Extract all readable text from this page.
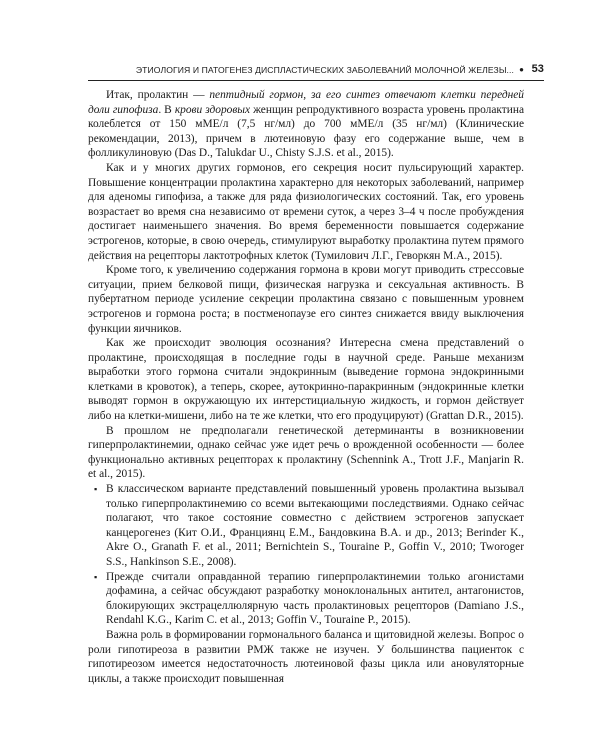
ЭТИОЛОГИЯ И ПАТОГЕНЕЗ ДИСПЛАСТИЧЕСКИХ ЗАБОЛЕВАНИЙ МОЛОЧНОЙ ЖЕЛЕЗЫ... ● 53

Итак, пролактин — пептидный гормон, за его синтез отвечают клетки передней доли гипофиза. В крови здоровых женщин репродуктивного возраста уровень пролактина колеблется от 150 мМЕ/л (7,5 нг/мл) до 700 мМЕ/л (35 нг/мл) (Клинические рекомендации, 2013), причем в лютеиновую фазу его содержание выше, чем в фолликулиновую (Das D., Talukdar U., Chisty S.J.S. et al., 2015).

Как и у многих других гормонов, его секреция носит пульсирующий характер. Повышение концентрации пролактина характерно для некоторых заболеваний, например для аденомы гипофиза, а также для ряда физиологических состояний. Так, его уровень возрастает во время сна независимо от времени суток, а через 3–4 ч после пробуждения достигает наименьшего значения. Во время беременности повышается содержание эстрогенов, которые, в свою очередь, стимулируют выработку пролактина путем прямого действия на рецепторы лактотрофных клеток (Тумилович Л.Г., Геворкян М.А., 2015).

Кроме того, к увеличению содержания гормона в крови могут приводить стрессовые ситуации, прием белковой пищи, физическая нагрузка и сексуальная активность. В пубертатном периоде усиление секреции пролактина связано с повышенным уровнем эстрогенов и гормона роста; в постменопаузе его синтез снижается ввиду выключения функции яичников.

Как же происходит эволюция осознания? Интересна смена представлений о пролактине, происходящая в последние годы в научной среде. Раньше механизм выработки этого гормона считали эндокринным (выведение гормона эндокринными клетками в кровоток), а теперь, скорее, аутокринно-паракринным (эндокринные клетки выводят гормон в окружающую их интерстициальную жидкость, и гормон действует либо на клетки-мишени, либо на те же клетки, что его продуцируют) (Grattan D.R., 2015).

В прошлом не предполагали генетической детерминанты в возникновении гиперпролактинемии, однако сейчас уже идет речь о врожденной особенности — более функционально активных рецепторах к пролактину (Schennink A., Trott J.F., Manjarin R. et al., 2015).

▪ В классическом варианте представлений повышенный уровень пролактина вызывал только гиперпролактинемию со всеми вытекающими последствиями. Однако сейчас полагают, что такое состояние совместно с действием эстрогенов запускает канцерогенез (Кит О.И., Франциянц Е.М., Бандовкина В.А. и др., 2013; Berinder K., Akre O., Granath F. et al., 2011; Bernichtein S., Touraine P., Goffin V., 2010; Tworoger S.S., Hankinson S.E., 2008).
▪ Прежде считали оправданной терапию гиперпролактинемии только агонистами дофамина, а сейчас обсуждают разработку моноклональных антител, антагонистов, блокирующих экстрацеллюлярную часть пролактиновых рецепторов (Damiano J.S., Rendahl K.G., Karim C. et al., 2013; Goffin V., Touraine P., 2015).

Важна роль в формировании гормонального баланса и щитовидной железы. Вопрос о роли гипотиреоза в развитии РМЖ также не изучен. У большинства пациенток с гипотиреозом имеется недостаточность лютеиновой фазы цикла или ановуляторные циклы, а также происходит повышенная
